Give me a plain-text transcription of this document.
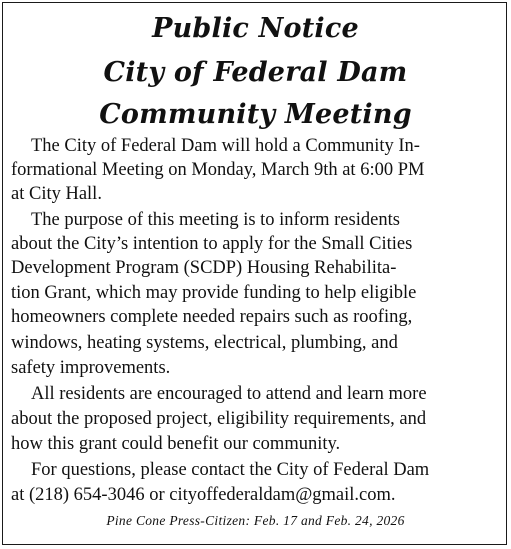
Public Notice
City of Federal Dam
Community Meeting
The City of Federal Dam will hold a Community In-
formational Meeting on Monday, March 9th at 6:00 PM
at City Hall.
The purpose of this meeting is to inform residents
about the City’s intention to apply for the Small Cities
Development Program (SCDP) Housing Rehabilita-
tion Grant, which may provide funding to help eligible
homeowners complete needed repairs such as roofing,
windows, heating systems, electrical, plumbing, and
safety improvements.
All residents are encouraged to attend and learn more
about the proposed project, eligibility requirements, and
how this grant could benefit our community.
For questions, please contact the City of Federal Dam
at (218) 654-3046 or cityoffederaldam@gmail.com.
Pine Cone Press-Citizen: Feb. 17 and Feb. 24, 2026
